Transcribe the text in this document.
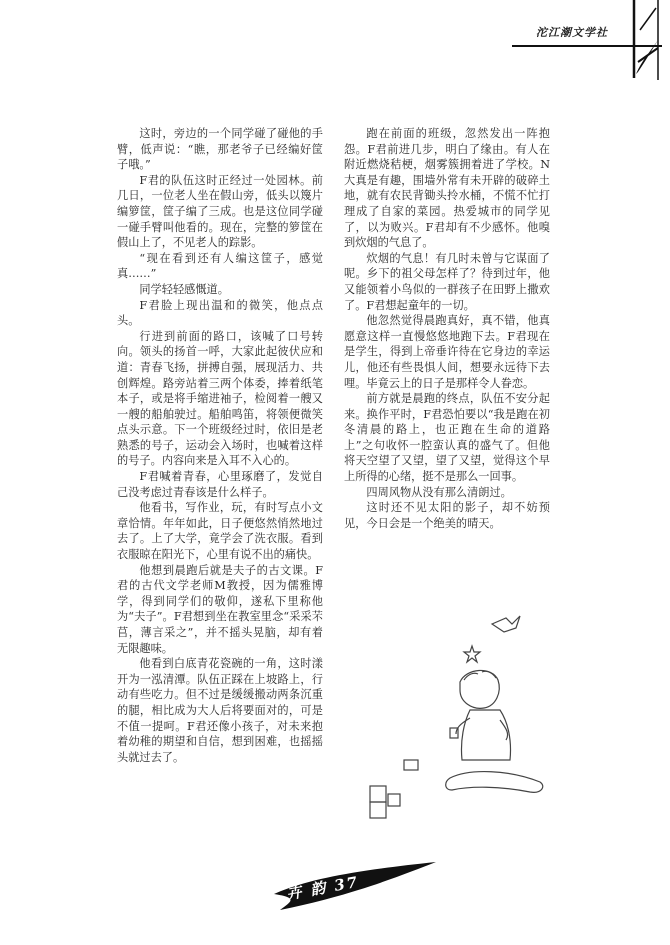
沱江潮文学社

这时，旁边的一个同学碰了碰他的手臂，低声说：“瞧，那老爷子已经编好筐子哦。”

F君的队伍这时正经过一处园林。前几日，一位老人坐在假山旁，低头以篾片编箩筐，筐子编了三成。也是这位同学碰一碰手臂叫他看的。现在，完整的箩筐在假山上了，不见老人的踪影。

“现在看到还有人编这筐子，感觉真……”

同学轻轻感慨道。

F君脸上现出温和的微笑，他点点头。

行进到前面的路口，该喊了口号转向。领头的扬首一呼，大家此起彼伏应和道：青春飞扬，拼搏自强，展现活力、共创辉煌。路旁站着三两个体委，捧着纸笔本子，或是将手缩进袖子，检阅着一艘又一艘的船舶驶过。船舶鸣笛，将领便微笑点头示意。下一个班级经过时，依旧是老熟悉的号子，运动会入场时，也喊着这样的号子。内容向来是入耳不入心的。

F君喊着青春，心里琢磨了，发觉自己没考虑过青春该是什么样子。

他看书，写作业，玩，有时写点小文章恰情。年年如此，日子便悠然悄然地过去了。上了大学，竟学会了洗衣服。看到衣服晾在阳光下，心里有说不出的痛快。

他想到晨跑后就是夫子的古文课。F君的古代文学老师M教授，因为儒雅博学，得到同学们的敬仰，遂私下里称他为“夫子”。F君想到坐在教室里念“采采芣苢，薄言采之”，并不摇头晃脑，却有着无限趣味。

他看到白底青花瓷碗的一角，这时漾开为一泓清潭。队伍正踩在上坡路上，行动有些吃力。但不过是缓缓搬动两条沉重的腿，相比成为大人后将要面对的，可是不值一提呵。F君还像小孩子，对未来抱着幼稚的期望和自信，想到困难，也摇摇头就过去了。

跑在前面的班级，忽然发出一阵抱怨。F君前进几步，明白了缘由。有人在附近燃烧秸梗，烟雾簇拥着进了学校。N大真是有趣，围墙外常有未开辟的破碎土地，就有农民背锄头拎水桶，不慌不忙打理成了自家的菜园。热爱城市的同学见了，以为败兴。F君却有不少感怀。他嗅到炊烟的气息了。

炊烟的气息！有几时未曾与它谋面了呢。乡下的祖父母怎样了？待到过年，他又能领着小鸟似的一群孩子在田野上撒欢了。F君想起童年的一切。

他忽然觉得晨跑真好，真不错，他真愿意这样一直慢悠悠地跑下去。F君现在是学生，得到上帝垂许待在它身边的幸运儿，他还有些畏惧人间，想要永远待下去哩。毕竟云上的日子是那样令人眷恋。

前方就是晨跑的终点，队伍不安分起来。换作平时，F君恐怕要以“我是跑在初冬清晨的路上，也正跑在生命的道路上”之句收怀一腔蛮认真的盛气了。但他将天空望了又望，望了又望，觉得这个早上所得的心绪，挺不是那么一回事。

四周风物从没有那么清朗过。

这时还不见太阳的影子，却不妨预见，今日会是一个绝美的晴天。

卉 韵 37
